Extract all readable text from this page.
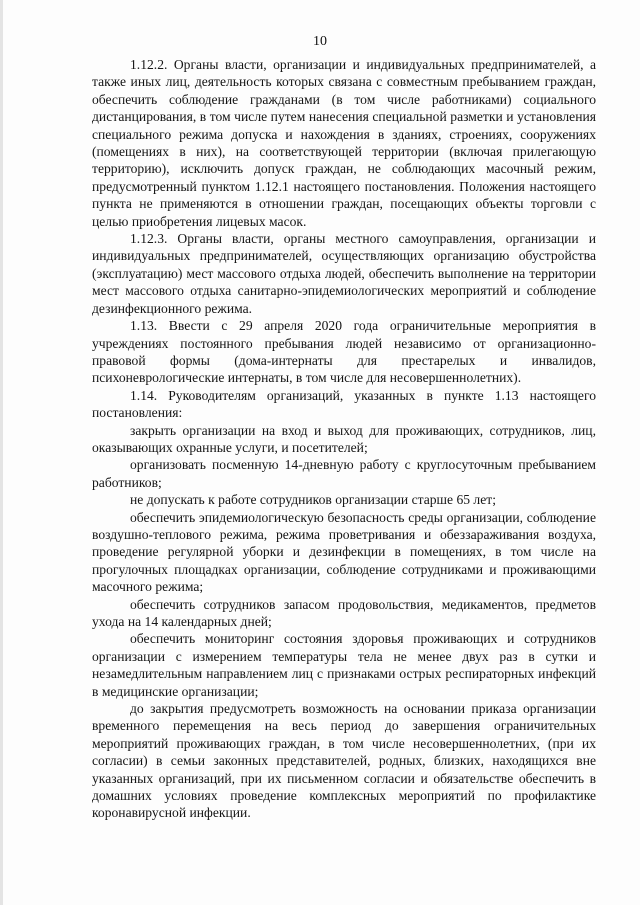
10

1.12.2. Органы власти, организации и индивидуальных предпринимателей, а также иных лиц, деятельность которых связана с совместным пребыванием граждан, обеспечить соблюдение гражданами (в том числе работниками) социального дистанцирования, в том числе путем нанесения специальной разметки и установления специального режима допуска и нахождения в зданиях, строениях, сооружениях (помещениях в них), на соответствующей территории (включая прилегающую территорию), исключить допуск граждан, не соблюдающих масочный режим, предусмотренный пунктом 1.12.1 настоящего постановления. Положения настоящего пункта не применяются в отношении граждан, посещающих объекты торговли с целью приобретения лицевых масок.

1.12.3. Органы власти, органы местного самоуправления, организации и индивидуальных предпринимателей, осуществляющих организацию обустройства (эксплуатацию) мест массового отдыха людей, обеспечить выполнение на территории мест массового отдыха санитарно-эпидемиологических мероприятий и соблюдение дезинфекционного режима.

1.13. Ввести с 29 апреля 2020 года ограничительные мероприятия в учреждениях постоянного пребывания людей независимо от организационно-правовой формы (дома-интернаты для престарелых и инвалидов, психоневрологические интернаты, в том числе для несовершеннолетних).

1.14. Руководителям организаций, указанных в пункте 1.13 настоящего постановления:

закрыть организации на вход и выход для проживающих, сотрудников, лиц, оказывающих охранные услуги, и посетителей;

организовать посменную 14-дневную работу с круглосуточным пребыванием работников;

не допускать к работе сотрудников организации старше 65 лет;

обеспечить эпидемиологическую безопасность среды организации, соблюдение воздушно-теплового режима, режима проветривания и обеззараживания воздуха, проведение регулярной уборки и дезинфекции в помещениях, в том числе на прогулочных площадках организации, соблюдение сотрудниками и проживающими масочного режима;

обеспечить сотрудников запасом продовольствия, медикаментов, предметов ухода на 14 календарных дней;

обеспечить мониторинг состояния здоровья проживающих и сотрудников организации с измерением температуры тела не менее двух раз в сутки и незамедлительным направлением лиц с признаками острых респираторных инфекций в медицинские организации;

до закрытия предусмотреть возможность на основании приказа организации временного перемещения на весь период до завершения ограничительных мероприятий проживающих граждан, в том числе несовершеннолетних, (при их согласии) в семьи законных представителей, родных, близких, находящихся вне указанных организаций, при их письменном согласии и обязательстве обеспечить в домашних условиях проведение комплексных мероприятий по профилактике коронавирусной инфекции.
